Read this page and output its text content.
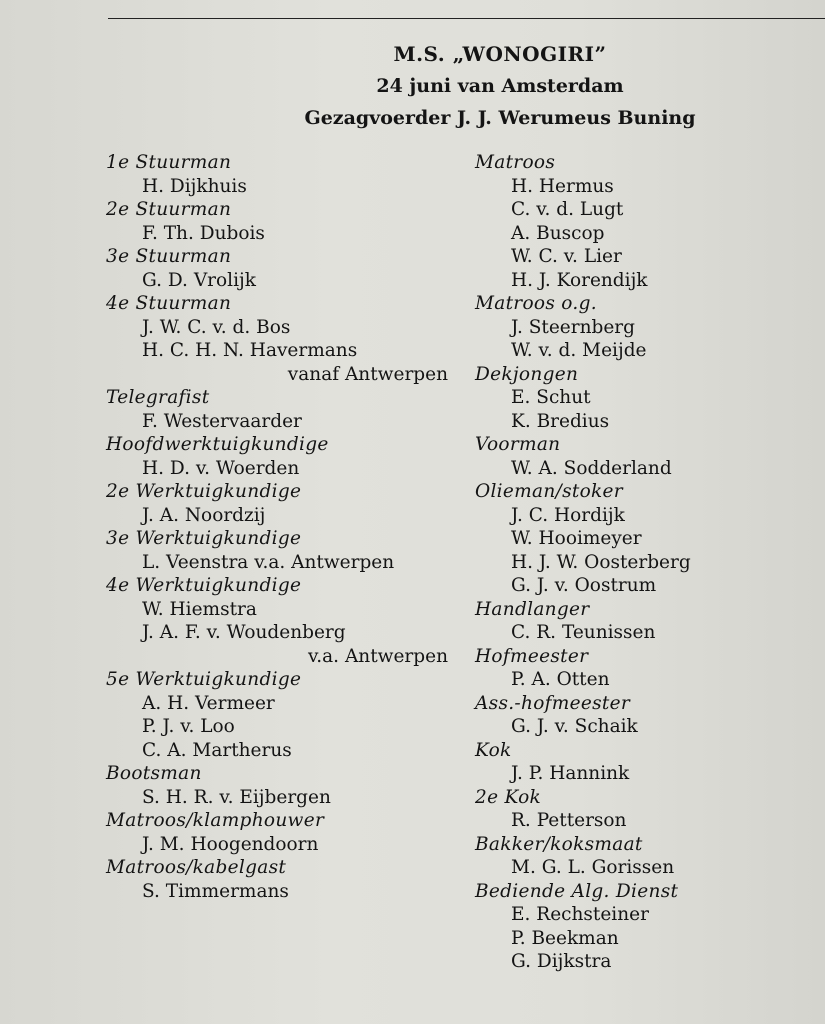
M.S. „WONOGIRI”
24 juni van Amsterdam
Gezagvoerder J. J. Werumeus Buning
1e Stuurman
H. Dijkhuis
2e Stuurman
F. Th. Dubois
3e Stuurman
G. D. Vrolijk
4e Stuurman
J. W. C. v. d. Bos
H. C. H. N. Havermans
vanaf Antwerpen
Telegrafist
F. Westervaarder
Hoofdwerktuigkundige
H. D. v. Woerden
2e Werktuigkundige
J. A. Noordzij
3e Werktuigkundige
L. Veenstra v.a. Antwerpen
4e Werktuigkundige
W. Hiemstra
J. A. F. v. Woudenberg
v.a. Antwerpen
5e Werktuigkundige
A. H. Vermeer
P. J. v. Loo
C. A. Martherus
Bootsman
S. H. R. v. Eijbergen
Matroos/klamphouwer
J. M. Hoogendoorn
Matroos/kabelgast
S. Timmermans
Matroos
H. Hermus
C. v. d. Lugt
A. Buscop
W. C. v. Lier
H. J. Korendijk
Matroos o.g.
J. Steernberg
W. v. d. Meijde
Dekjongen
E. Schut
K. Bredius
Voorman
W. A. Sodderland
Olieman/stoker
J. C. Hordijk
W. Hooimeyer
H. J. W. Oosterberg
G. J. v. Oostrum
Handlanger
C. R. Teunissen
Hofmeester
P. A. Otten
Ass.-hofmeester
G. J. v. Schaik
Kok
J. P. Hannink
2e Kok
R. Petterson
Bakker/koksmaat
M. G. L. Gorissen
Bediende Alg. Dienst
E. Rechsteiner
P. Beekman
G. Dijkstra
